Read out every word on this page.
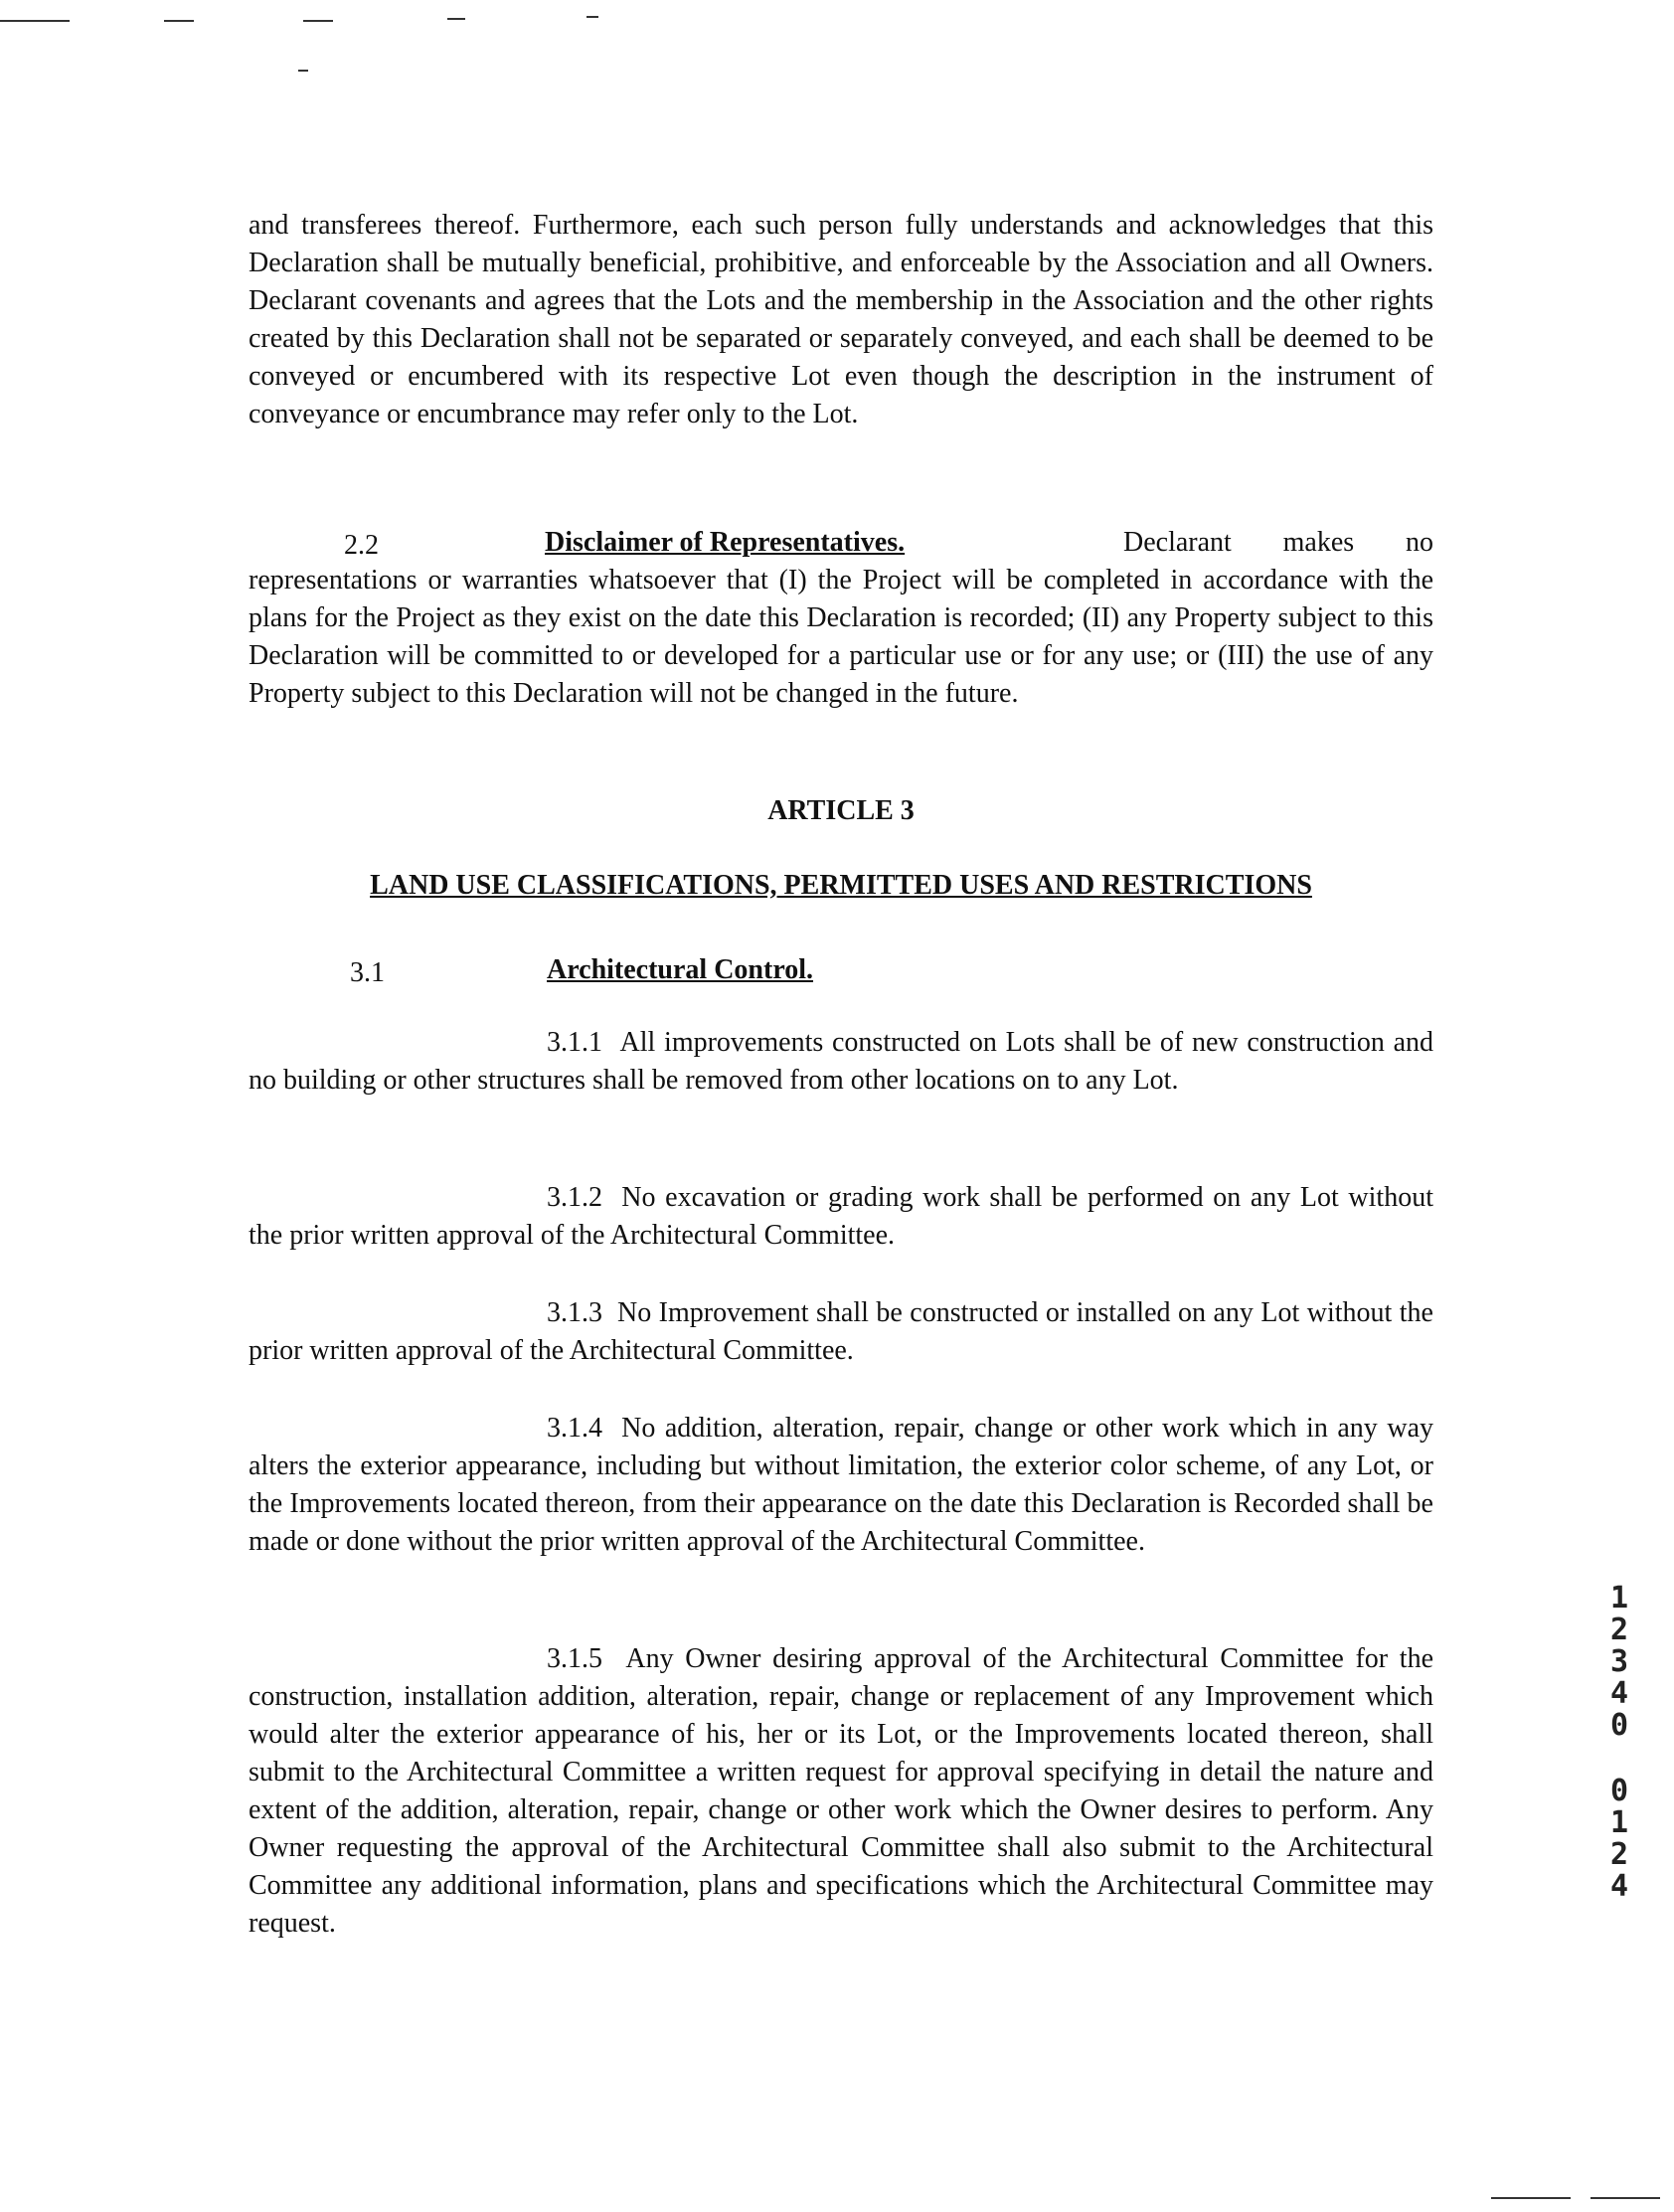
and transferees thereof. Furthermore, each such person fully understands and acknowledges that this Declaration shall be mutually beneficial, prohibitive, and enforceable by the Association and all Owners. Declarant covenants and agrees that the Lots and the membership in the Association and the other rights created by this Declaration shall not be separated or separately conveyed, and each shall be deemed to be conveyed or encumbered with its respective Lot even though the description in the instrument of conveyance or encumbrance may refer only to the Lot.

2.2	Disclaimer of Representatives.	Declarant makes no representations or warranties whatsoever that (I) the Project will be completed in accordance with the plans for the Project as they exist on the date this Declaration is recorded; (II) any Property subject to this Declaration will be committed to or developed for a particular use or for any use; or (III) the use of any Property subject to this Declaration will not be changed in the future.

ARTICLE 3
LAND USE CLASSIFICATIONS, PERMITTED USES AND RESTRICTIONS
3.1	Architectural Control.

3.1.1 All improvements constructed on Lots shall be of new construction and no building or other structures shall be removed from other locations on to any Lot.

3.1.2 No excavation or grading work shall be performed on any Lot without the prior written approval of the Architectural Committee.

3.1.3 No Improvement shall be constructed or installed on any Lot without the prior written approval of the Architectural Committee.

3.1.4 No addition, alteration, repair, change or other work which in any way alters the exterior appearance, including but without limitation, the exterior color scheme, of any Lot, or the Improvements located thereon, from their appearance on the date this Declaration is Recorded shall be made or done without the prior written approval of the Architectural Committee.

3.1.5 Any Owner desiring approval of the Architectural Committee for the construction, installation addition, alteration, repair, change or replacement of any Improvement which would alter the exterior appearance of his, her or its Lot, or the Improvements located thereon, shall submit to the Architectural Committee a written request for approval specifying in detail the nature and extent of the addition, alteration, repair, change or other work which the Owner desires to perform. Any Owner requesting the approval of the Architectural Committee shall also submit to the Architectural Committee any additional information, plans and specifications which the Architectural Committee may request.

1
2
3
4
0
0
1
2
4
